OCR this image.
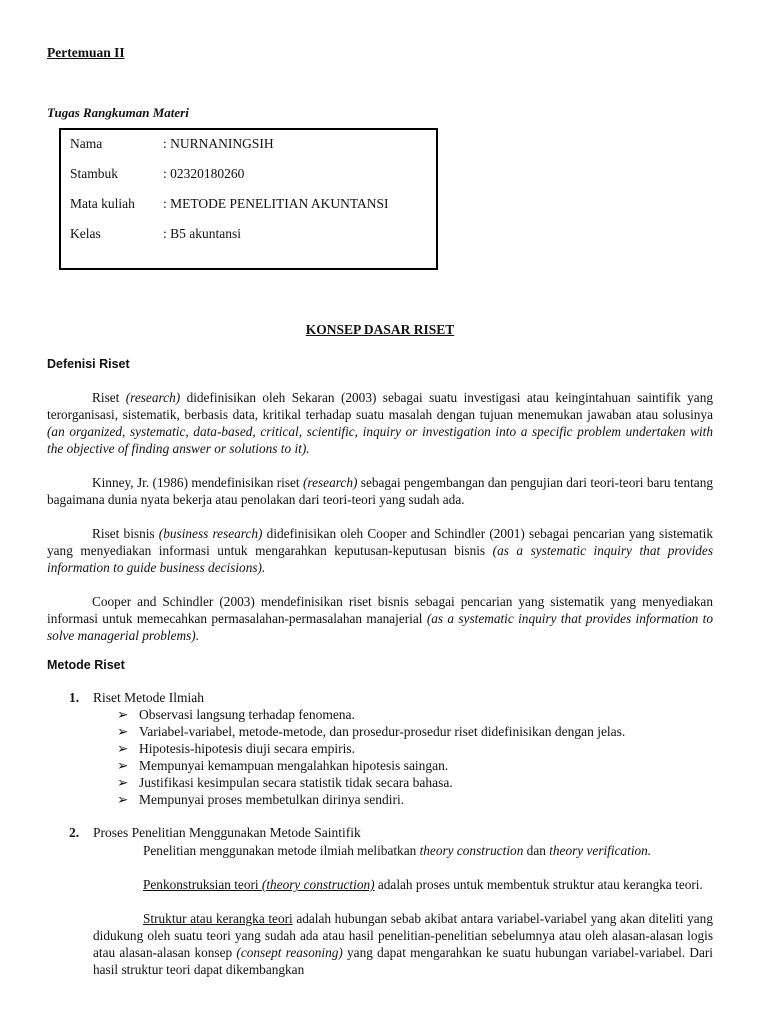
Pertemuan II
Tugas Rangkuman Materi
Nama	: NURNANINGSIH
Stambuk	: 02320180260
Mata kuliah : METODE PENELITIAN AKUNTANSI
Kelas	: B5 akuntansi
KONSEP DASAR RISET
Defenisi Riset
Riset (research) didefinisikan oleh Sekaran (2003) sebagai suatu investigasi atau keingintahuan saintifik yang terorganisasi, sistematik, berbasis data, kritikal terhadap suatu masalah dengan tujuan menemukan jawaban atau solusinya (an organized, systematic, data-based, critical, scientific, inquiry or investigation into a specific problem undertaken with the objective of finding answer or solutions to it).
Kinney, Jr. (1986) mendefinisikan riset (research) sebagai pengembangan dan pengujian dari teori-teori baru tentang bagaimana dunia nyata bekerja atau penolakan dari teori-teori yang sudah ada.
Riset bisnis (business research) didefinisikan oleh Cooper and Schindler (2001) sebagai pencarian yang sistematik yang menyediakan informasi untuk mengarahkan keputusan-keputusan bisnis (as a systematic inquiry that provides information to guide business decisions).
Cooper and Schindler (2003) mendefinisikan riset bisnis sebagai pencarian yang sistematik yang menyediakan informasi untuk memecahkan permasalahan-permasalahan manajerial (as a systematic inquiry that provides information to solve managerial problems).
Metode Riset
1. Riset Metode Ilmiah
➢ Observasi langsung terhadap fenomena.
➢ Variabel-variabel, metode-metode, dan prosedur-prosedur riset didefinisikan dengan jelas.
➢ Hipotesis-hipotesis diuji secara empiris.
➢ Mempunyai kemampuan mengalahkan hipotesis saingan.
➢ Justifikasi kesimpulan secara statistik tidak secara bahasa.
➢ Mempunyai proses membetulkan dirinya sendiri.
2. Proses Penelitian Menggunakan Metode Saintifik
Penelitian menggunakan metode ilmiah melibatkan theory construction dan theory verification.
Penkonstruksian teori (theory construction) adalah proses untuk membentuk struktur atau kerangka teori.
Struktur atau kerangka teori adalah hubungan sebab akibat antara variabel-variabel yang akan diteliti yang didukung oleh suatu teori yang sudah ada atau hasil penelitian-penelitian sebelumnya atau oleh alasan-alasan logis atau alasan-alasan konsep (consept reasoning) yang dapat mengarahkan ke suatu hubungan variabel-variabel. Dari hasil struktur teori dapat dikembangkan
